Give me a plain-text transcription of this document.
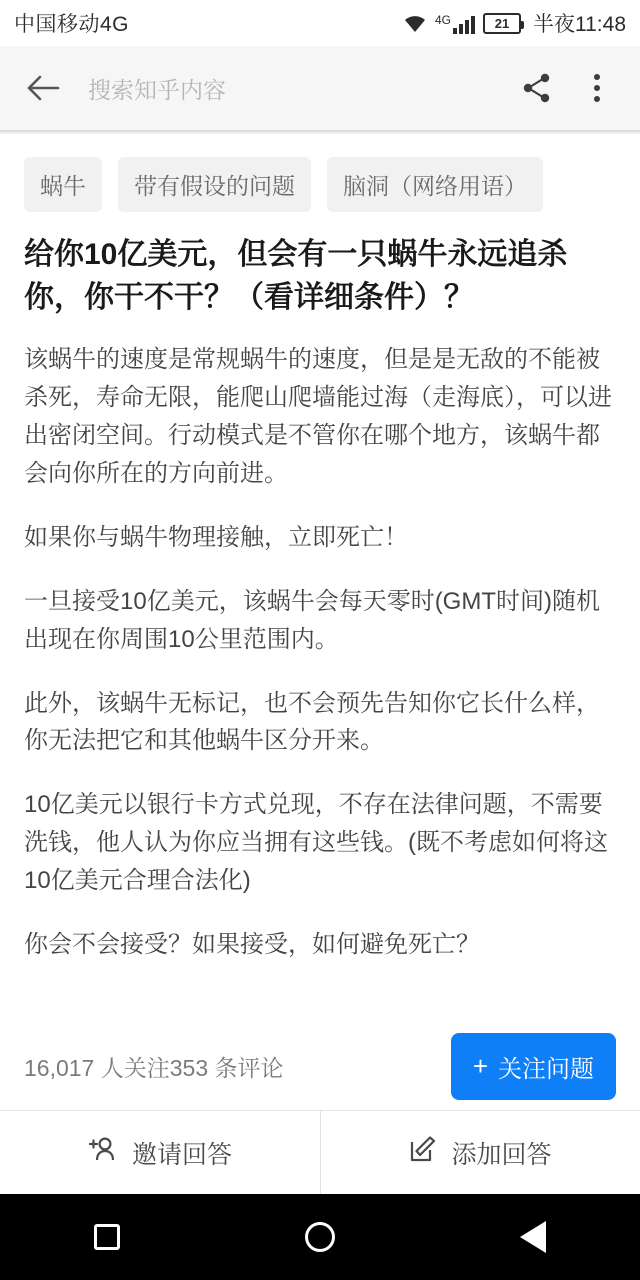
中国移动4G	4G	21 半夜11:48
搜索知乎内容
蜗牛	带有假设的问题	脑洞（网络用语）
给你10亿美元，但会有一只蜗牛永远追杀你，你干不干？（看详细条件）？

该蜗牛的速度是常规蜗牛的速度，但是是无敌的不能被杀死，寿命无限，能爬山爬墙能过海（走海底），可以进出密闭空间。行动模式是不管你在哪个地方，该蜗牛都会向你所在的方向前进。

如果你与蜗牛物理接触，立即死亡！

一旦接受10亿美元，该蜗牛会每天零时(GMT时间)随机出现在你周围10公里范围内。

此外，该蜗牛无标记，也不会预先告知你它长什么样，你无法把它和其他蜗牛区分开来。

10亿美元以银行卡方式兑现，不存在法律问题，不需要洗钱，他人认为你应当拥有这些钱。(既不考虑如何将这10亿美元合理合法化)

你会不会接受？如果接受，如何避免死亡？

16,017 人关注 353 条评论	+ 关注问题
邀请回答	添加回答
